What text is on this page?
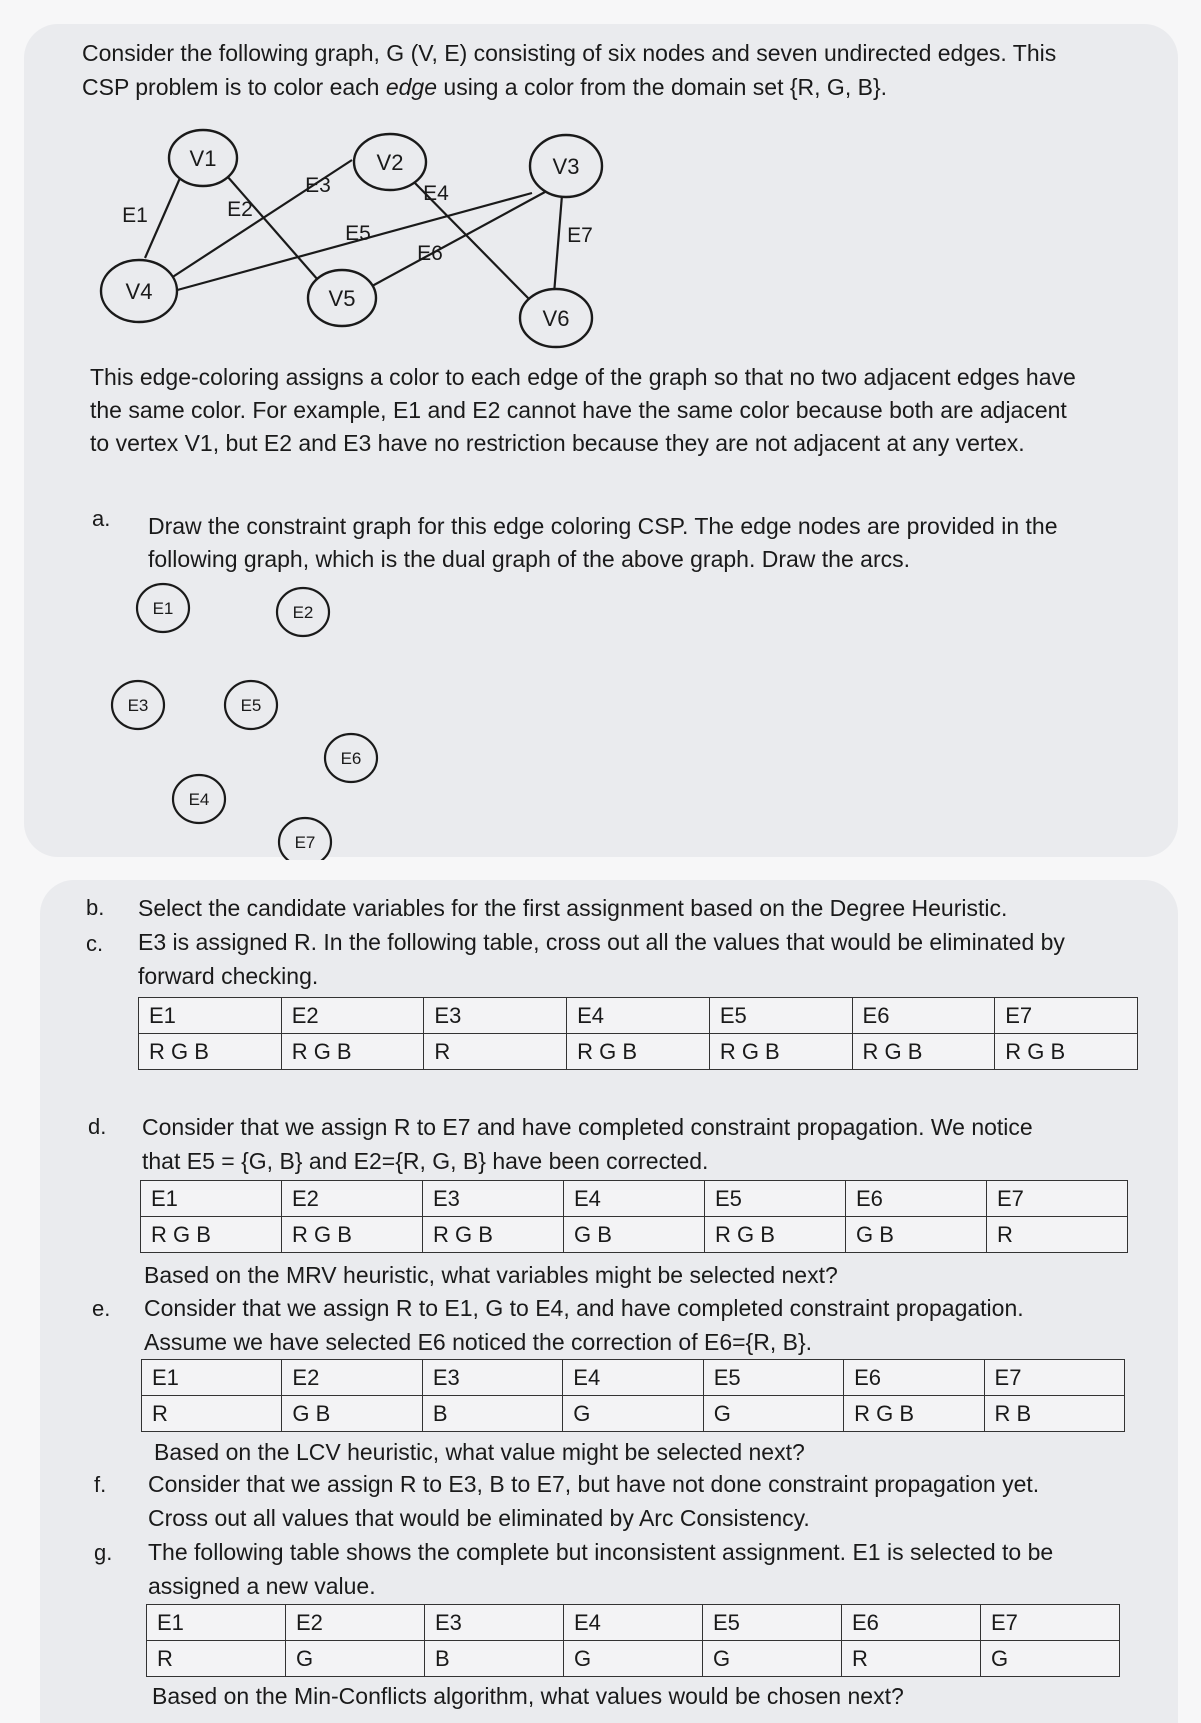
Consider the following graph, G (V, E) consisting of six nodes and seven undirected edges. This
CSP problem is to color each edge using a color from the domain set {R, G, B}.
V1	V2	V3
V4	V5
V6
E1	E2
E3	E4
E5
E6
E7
This edge-coloring assigns a color to each edge of the graph so that no two adjacent edges have
the same color. For example, E1 and E2 cannot have the same color because both are adjacent
to vertex V1, but E2 and E3 have no restriction because they are not adjacent at any vertex.
a. Draw the constraint graph for this edge coloring CSP. The edge nodes are provided in the
following graph, which is the dual graph of the above graph. Draw the arcs.
E1	E2
E3	E5
E6
E4
E7
b. Select the candidate variables for the first assignment based on the Degree Heuristic.
c. E3 is assigned R. In the following table, cross out all the values that would be eliminated by
forward checking.
E1	E2	E3	E4	E5	E6	E7
R G B	R G B	R	R G B	R G B	R G B	R G B
d. Consider that we assign R to E7 and have completed constraint propagation. We notice
that E5 = {G, B} and E2={R, G, B} have been corrected.
E1	E2	E3	E4	E5	E6	E7
R G B	R G B	R G B	G B	R G B	G B	R
Based on the MRV heuristic, what variables might be selected next?
e. Consider that we assign R to E1, G to E4, and have completed constraint propagation.
Assume we have selected E6 noticed the correction of E6={R, B}.
E1	E2	E3	E4	E5	E6	E7
R	G B	B	G	G	R G B	R B
Based on the LCV heuristic, what value might be selected next?
f. Consider that we assign R to E3, B to E7, but have not done constraint propagation yet.
Cross out all values that would be eliminated by Arc Consistency.
g. The following table shows the complete but inconsistent assignment. E1 is selected to be
assigned a new value.
E1	E2	E3	E4	E5	E6	E7
R	G	B	G	G	R	G
Based on the Min-Conflicts algorithm, what values would be chosen next?
